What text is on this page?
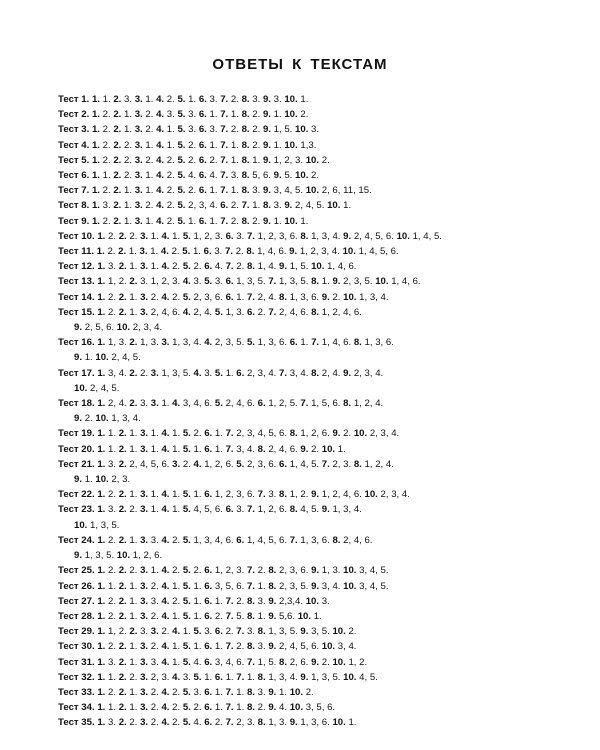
ОТВЕТЫ К ТЕКСТАМ
Тест 1. 1. 1. 2. 3. 3. 1. 4. 2. 5. 1. 6. 3. 7. 2. 8. 3. 9. 3. 10. 1.
Тест 2. 1. 2. 2. 1. 3. 2. 4. 3. 5. 3. 6. 1. 7. 1. 8. 2. 9. 1. 10. 2.
Тест 3. 1. 2. 2. 1. 3. 2. 4. 1. 5. 3. 6. 3. 7. 2. 8. 2. 9. 1, 5. 10. 3.
Тест 4. 1. 2. 2. 2. 3. 1. 4. 1. 5. 2. 6. 1. 7. 1. 8. 2. 9. 1. 10. 1,3.
Тест 5. 1. 2. 2. 2. 3. 2. 4. 2. 5. 2. 6. 2. 7. 1. 8. 1. 9. 1, 2, 3. 10. 2.
Тест 6. 1. 1. 2. 2. 3. 1. 4. 2. 5. 4. 6. 4. 7. 3. 8. 5, 6. 9. 5. 10. 2.
Тест 7. 1. 2. 2. 1. 3. 1. 4. 2. 5. 2. 6. 1. 7. 1. 8. 3. 9. 3, 4, 5. 10. 2, 6, 11, 15.
Тест 8. 1. 3. 2. 1. 3. 2. 4. 2. 5. 2, 3, 4. 6. 2. 7. 1. 8. 3. 9. 2, 4, 5. 10. 1.
Тест 9. 1. 2. 2. 1. 3. 1. 4. 2. 5. 1. 6. 1. 7. 2. 8. 2. 9. 1. 10. 1.
Тест 10. 1. 2. 2. 2. 3. 1. 4. 1. 5. 1, 2, 3. 6. 3. 7. 1, 2, 3, 6. 8. 1, 3, 4. 9. 2, 4, 5, 6. 10. 1, 4, 5.
Тест 11. 1. 2. 2. 1. 3. 1. 4. 2. 5. 1. 6. 3. 7. 2. 8. 1, 4, 6. 9. 1, 2, 3, 4. 10. 1, 4, 5, 6.
Тест 12. 1. 3. 2. 1. 3. 1. 4. 2. 5. 2. 6. 4. 7. 2. 8. 1, 4. 9. 1, 5. 10. 1, 4, 6.
Тест 13. 1. 1, 2. 2. 3. 1, 2, 3. 4. 3. 5. 3. 6. 1, 3, 5. 7. 1, 3, 5. 8. 1. 9. 2, 3, 5. 10. 1, 4, 6.
Тест 14. 1. 2. 2. 1. 3. 2. 4. 2. 5. 2, 3, 6. 6. 1. 7. 2, 4. 8. 1, 3, 6. 9. 2. 10. 1, 3, 4.
Тест 15. 1. 2. 2. 1. 3. 2, 4, 6. 4. 2, 4. 5. 1, 3. 6. 2. 7. 2, 4, 6. 8. 1, 2, 4, 6.
9. 2, 5, 6. 10. 2, 3, 4.
Тест 16. 1. 1, 3. 2. 1, 3. 3. 1, 3, 4. 4. 2, 3, 5. 5. 1, 3, 6. 6. 1. 7. 1, 4, 6. 8. 1, 3, 6.
9. 1. 10. 2, 4, 5.
Тест 17. 1. 3, 4. 2. 2. 3. 1, 3, 5. 4. 3. 5. 1. 6. 2, 3, 4. 7. 3, 4. 8. 2, 4. 9. 2, 3, 4.
10. 2, 4, 5.
Тест 18. 1. 2, 4. 2. 3. 3. 1. 4. 3, 4, 6. 5. 2, 4, 6. 6. 1, 2, 5. 7. 1, 5, 6. 8. 1, 2, 4.
9. 2. 10. 1, 3, 4.
Тест 19. 1. 1. 2. 1. 3. 1. 4. 1. 5. 2. 6. 1. 7. 2, 3, 4, 5, 6. 8. 1, 2, 6. 9. 2. 10. 2, 3, 4.
Тест 20. 1. 1. 2. 1. 3. 1. 4. 1. 5. 1. 6. 1. 7. 3, 4. 8. 2, 4, 6. 9. 2. 10. 1.
Тест 21. 1. 3. 2. 2, 4, 5, 6. 3. 2. 4. 1, 2, 6. 5. 2, 3, 6. 6. 1, 4, 5. 7. 2, 3. 8. 1, 2, 4.
9. 1. 10. 2, 3.
Тест 22. 1. 2. 2. 1. 3. 1. 4. 1. 5. 1. 6. 1, 2, 3, 6. 7. 3. 8. 1, 2. 9. 1, 2, 4, 6. 10. 2, 3, 4.
Тест 23. 1. 3. 2. 2. 3. 1. 4. 1. 5. 4, 5, 6. 6. 3. 7. 1, 2, 6. 8. 4, 5. 9. 1, 3, 4.
10. 1, 3, 5.
Тест 24. 1. 2. 2. 1. 3. 3. 4. 2. 5. 1, 3, 4, 6. 6. 1, 4, 5, 6. 7. 1, 3, 6. 8. 2, 4, 6.
9. 1, 3, 5. 10. 1, 2, 6.
Тест 25. 1. 2. 2. 2. 3. 1. 4. 2. 5. 2. 6. 1, 2, 3. 7. 2. 8. 2, 3, 6. 9. 1, 3. 10. 3, 4, 5.
Тест 26. 1. 1. 2. 1. 3. 2. 4. 1. 5. 1. 6. 3, 5, 6. 7. 1. 8. 2, 3, 5. 9. 3, 4. 10. 3, 4, 5.
Тест 27. 1. 2. 2. 1. 3. 3. 4. 2. 5. 1. 6. 1. 7. 2. 8. 3. 9. 2,3,4. 10. 3.
Тест 28. 1. 2. 2. 1. 3. 2. 4. 1. 5. 1. 6. 2. 7. 5. 8. 1. 9. 5,6. 10. 1.
Тест 29. 1. 1, 2. 2. 3. 3. 2. 4. 1. 5. 3. 6. 2. 7. 3. 8. 1, 3, 5. 9. 3, 5. 10. 2.
Тест 30. 1. 2. 2. 1. 3. 2. 4. 1. 5. 1. 6. 1. 7. 2. 8. 3. 9. 2, 4, 5, 6. 10. 3, 4.
Тест 31. 1. 3. 2. 1. 3. 3. 4. 1. 5. 4. 6. 3, 4, 6. 7. 1, 5. 8. 2, 6. 9. 2. 10. 1, 2.
Тест 32. 1. 1. 2. 2. 3. 2, 3. 4. 3. 5. 1. 6. 1. 7. 1. 8. 1, 3, 4. 9. 1, 3, 5. 10. 4, 5.
Тест 33. 1. 2. 2. 1. 3. 2. 4. 2. 5. 3. 6. 1. 7. 1. 8. 3. 9. 1. 10. 2.
Тест 34. 1. 1. 2. 1. 3. 2. 4. 2. 5. 2. 6. 1. 7. 1. 8. 2. 9. 4. 10. 3, 5, 6.
Тест 35. 1. 3. 2. 2. 3. 2. 4. 2. 5. 4. 6. 2. 7. 2, 3. 8. 1, 3. 9. 1, 3, 6. 10. 1.
